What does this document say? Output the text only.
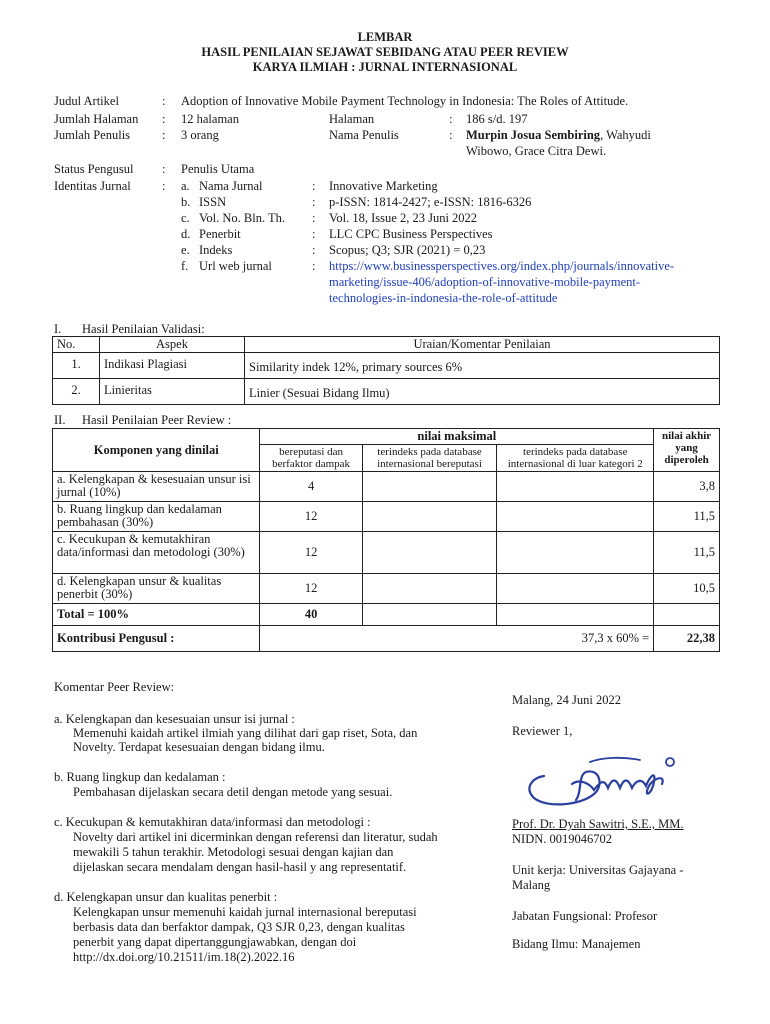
LEMBAR
HASIL PENILAIAN SEJAWAT SEBIDANG ATAU PEER REVIEW
KARYA ILMIAH : JURNAL INTERNASIONAL
Judul Artikel	: Adoption of Innovative Mobile Payment Technology in Indonesia: The Roles of Attitude.
Jumlah Halaman : 12 halaman	Halaman	: 186 s/d. 197
Jumlah Penulis	: 3 orang	Nama Penulis	: Murpin Josua Sembiring, Wahyudi
Wibowo, Grace Citra Dewi.
Status Pengusul : Penulis Utama
Identitas Jurnal	: a. Nama Jurnal	: Innovative Marketing
b. ISSN	: p-ISSN: 1814-2427; e-ISSN: 1816-6326
c. Vol. No. Bln. Th. : Vol. 18, Issue 2, 23 Juni 2022
d. Penerbit	: LLC CPC Business Perspectives
e. Indeks	: Scopus; Q3; SJR (2021) = 0,23
f. Url web jurnal	: https://www.businessperspectives.org/index.php/journals/innovative-
marketing/issue-406/adoption-of-innovative-mobile-payment-
technologies-in-indonesia-the-role-of-attitude
I. Hasil Penilaian Validasi:
No.	Aspek	Uraian/Komentar Penilaian
1.	Indikasi Plagiasi	Similarity indek 12%, primary sources 6%
2.	Linieritas	Linier (Sesuai Bidang Ilmu)
II. Hasil Penilaian Peer Review :
Komponen yang dinilai	nilai maksimal			nilai akhir yang diperoleh
	bereputasi dan berfaktor dampak	terindeks pada database internasional bereputasi	terindeks pada database internasional di luar kategori 2	
a. Kelengkapan & kesesuaian unsur isi jurnal (10%)	4			3,8
b. Ruang lingkup dan kedalaman pembahasan (30%)	12			11,5
c. Kecukupan & kemutakhiran data/informasi dan metodologi (30%)	12			11,5
d. Kelengkapan unsur & kualitas penerbit (30%)	12			10,5
Total = 100%	40			
Kontribusi Pengusul :	37,3 x 60% =			22,38
Komentar Peer Review:
a. Kelengkapan dan kesesuaian unsur isi jurnal :
Memenuhi kaidah artikel ilmiah yang dilihat dari gap riset, Sota, dan
Novelty. Terdapat kesesuaian dengan bidang ilmu.
b. Ruang lingkup dan kedalaman :
Pembahasan dijelaskan secara detil dengan metode yang sesuai.
c. Kecukupan & kemutakhiran data/informasi dan metodologi :
Novelty dari artikel ini dicerminkan dengan referensi dan literatur, sudah
mewakili 5 tahun terakhir. Metodologi sesuai dengan kajian dan
dijelaskan secara mendalam dengan hasil-hasil y ang representatif.
d. Kelengkapan unsur dan kualitas penerbit :
Kelengkapan unsur memenuhi kaidah jurnal internasional bereputasi
berbasis data dan berfaktor dampak, Q3 SJR 0,23, dengan kualitas
penerbit yang dapat dipertanggungjawabkan, dengan doi
http://dx.doi.org/10.21511/im.18(2).2022.16
Malang, 24 Juni 2022
Reviewer 1,
Prof. Dr. Dyah Sawitri, S.E., MM.
NIDN. 0019046702
Unit kerja: Universitas Gajayana -
Malang
Jabatan Fungsional: Profesor
Bidang Ilmu: Manajemen
